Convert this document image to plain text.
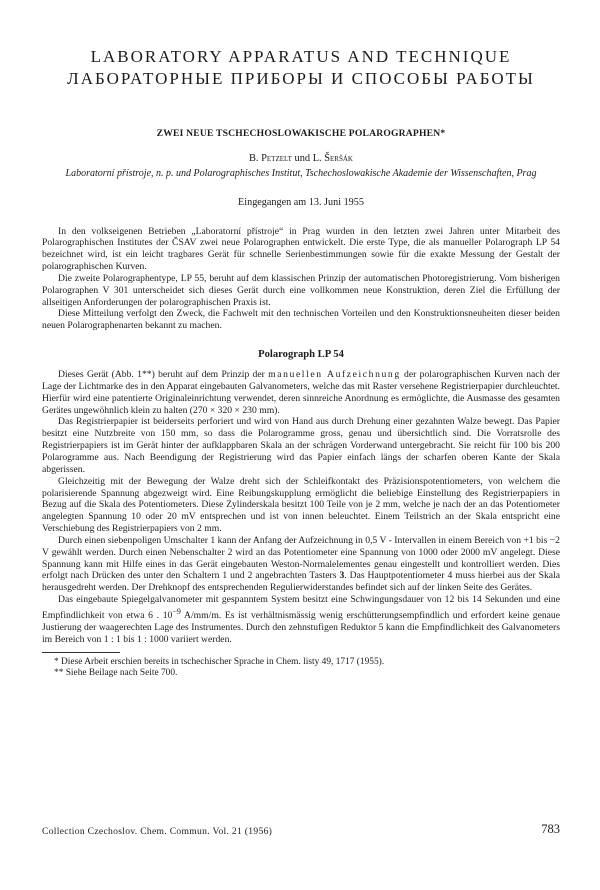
LABORATORY APPARATUS AND TECHNIQUE
ЛАБОРАТОРНЫЕ ПРИБОРЫ И СПОСОБЫ РАБОТЫ
ZWEI NEUE TSCHECHOSLOWAKISCHE POLAROGRAPHEN*
B. Petzelt und L. Šeršák
Laboratorní přístroje, n. p. und Polarographisches Institut, Tschechoslowakische Akademie der Wissenschaften, Prag
Eingegangen am 13. Juni 1955

In den volkseigenen Betrieben „Laboratorní přístroje“ in Prag wurden in den letzten zwei Jahren unter Mitarbeit des Polarographischen Institutes der ČSAV zwei neue Polarographen entwickelt. Die erste Type, die als manueller Polarograph LP 54 bezeichnet wird, ist ein leicht tragbares Gerät für schnelle Serienbestimmungen sowie für die exakte Messung der Gestalt der polarographischen Kurven.

Die zweite Polarographentype, LP 55, beruht auf dem klassischen Prinzip der automatischen Photoregistrierung. Vom bisherigen Polarographen V 301 unterscheidet sich dieses Gerät durch eine vollkommen neue Konstruktion, deren Ziel die Erfüllung der allseitigen Anforderungen der polarographischen Praxis ist.

Diese Mitteilung verfolgt den Zweck, die Fachwelt mit den technischen Vorteilen und den Konstruktionsneuheiten dieser beiden neuen Polarographenarten bekannt zu machen.

Polarograph LP 54

Dieses Gerät (Abb. 1**) beruht auf dem Prinzip der manuellen Aufzeichnung der polarographischen Kurven nach der Lage der Lichtmarke des in den Apparat eingebauten Galvanometers, welche das mit Raster versehene Registrierpapier durchleuchtet. Hierfür wird eine patentierte Originaleinrichtung verwendet, deren sinnreiche Anordnung es ermöglichte, die Ausmasse des gesamten Gerätes ungewöhnlich klein zu halten (270 × 320 × 230 mm).

Das Registrierpapier ist beiderseits perforiert und wird von Hand aus durch Drehung einer gezahnten Walze bewegt. Das Papier besitzt eine Nutzbreite von 150 mm, so dass die Polarogramme gross, genau und übersichtlich sind. Die Vorratsrolle des Registrierpapiers ist im Gerät hinter der aufklappbaren Skala an der schrägen Vorderwand untergebracht. Sie reicht für 100 bis 200 Polarogramme aus. Nach Beendigung der Registrierung wird das Papier einfach längs der scharfen oberen Kante der Skala abgerissen.

Gleichzeitig mit der Bewegung der Walze dreht sich der Schleifkontakt des Präzisionspotentiometers, von welchem die polarisierende Spannung abgezweigt wird. Eine Reibungskupplung ermöglicht die beliebige Einstellung des Registrierpapiers in Bezug auf die Skala des Potentiometers. Diese Zylinderskala besitzt 100 Teile von je 2 mm, welche je nach der an das Potentiometer angelegten Spannung 10 oder 20 mV entsprechen und ist von innen beleuchtet. Einem Teilstrich an der Skala entspricht eine Verschiebung des Registrierpapiers von 2 mm.

Durch einen siebenpoligen Umschalter 1 kann der Anfang der Aufzeichnung in 0,5 V - Intervallen in einem Bereich von +1 bis −2 V gewählt werden. Durch einen Nebenschalter 2 wird an das Potentiometer eine Spannung von 1000 oder 2000 mV angelegt. Diese Spannung kann mit Hilfe eines in das Gerät eingebauten Weston-Normalelementes genau eingestellt und kontrolliert werden. Dies erfolgt nach Drücken des unter den Schaltern 1 und 2 angebrachten Tasters 3. Das Hauptpotentiometer 4 muss hierbei aus der Skala herausgedreht werden. Der Drehknopf des entsprechenden Regulierwiderstandes befindet sich auf der linken Seite des Gerätes.

Das eingebaute Spiegelgalvanometer mit gespanntem System besitzt eine Schwingungsdauer von 12 bis 14 Sekunden und eine Empfindlichkeit von etwa 6 . $10^{-9}$ A/mm/m. Es ist verhältnismässig wenig erschütterungsempfindlich und erfordert keine genaue Justierung der waagerechten Lage des Instrumentes. Durch den zehnstufigen Reduktor 5 kann die Empfindlichkeit des Galvanometers im Bereich von 1 : 1 bis 1 : 1000 variiert werden.

* Diese Arbeit erschien bereits in tschechischer Sprache in Chem. listy 49, 1717 (1955).
** Siehe Beilage nach Seite 700.
Collection Czechoslov. Chem. Commun. Vol. 21 (1956)	783
